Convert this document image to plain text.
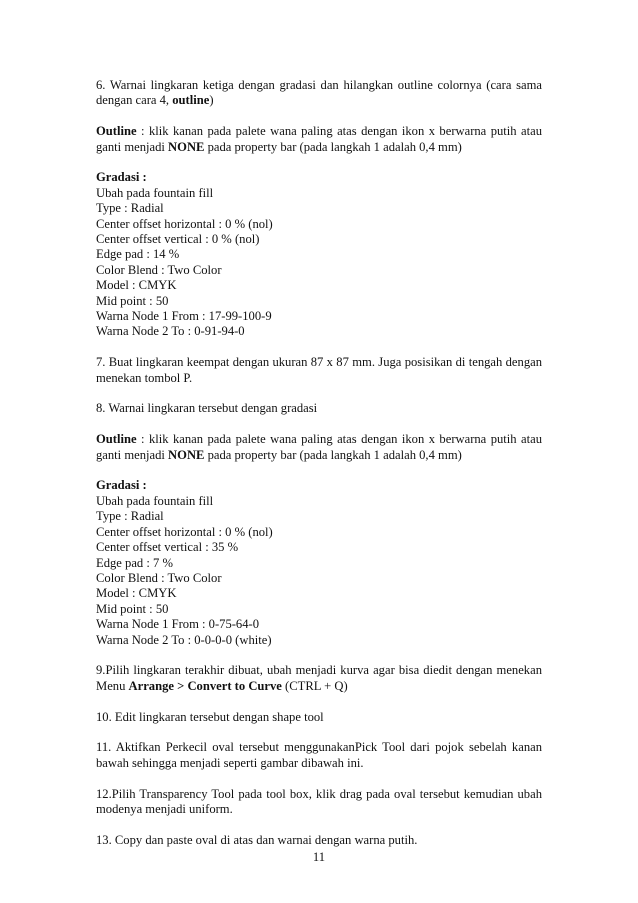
6. Warnai lingkaran ketiga dengan gradasi dan hilangkan outline colornya (cara sama dengan cara 4, outline)

Outline : klik kanan pada palete wana paling atas dengan ikon x berwarna putih atau ganti menjadi NONE pada property bar (pada langkah 1 adalah 0,4 mm)

Gradasi :
Ubah pada fountain fill
Type : Radial
Center offset horizontal : 0 % (nol)
Center offset vertical : 0 % (nol)
Edge pad : 14 %
Color Blend : Two Color
Model : CMYK
Mid point : 50
Warna Node 1 From : 17-99-100-9
Warna Node 2 To : 0-91-94-0

7. Buat lingkaran keempat dengan ukuran 87 x 87 mm. Juga posisikan di tengah dengan menekan tombol P.

8. Warnai lingkaran tersebut dengan gradasi

Outline : klik kanan pada palete wana paling atas dengan ikon x berwarna putih atau ganti menjadi NONE pada property bar (pada langkah 1 adalah 0,4 mm)

Gradasi :
Ubah pada fountain fill
Type : Radial
Center offset horizontal : 0 % (nol)
Center offset vertical : 35 %
Edge pad : 7 %
Color Blend : Two Color
Model : CMYK
Mid point : 50
Warna Node 1 From : 0-75-64-0
Warna Node 2 To : 0-0-0-0 (white)

9.Pilih lingkaran terakhir dibuat, ubah menjadi kurva agar bisa diedit dengan menekan Menu Arrange > Convert to Curve (CTRL + Q)

10. Edit lingkaran tersebut dengan shape tool

11. Aktifkan Perkecil oval tersebut menggunakanPick Tool dari pojok sebelah kanan bawah sehingga menjadi seperti gambar dibawah ini.

12.Pilih Transparency Tool pada tool box, klik drag pada oval tersebut kemudian ubah modenya menjadi uniform.

13. Copy dan paste oval di atas dan warnai dengan warna putih.

11
